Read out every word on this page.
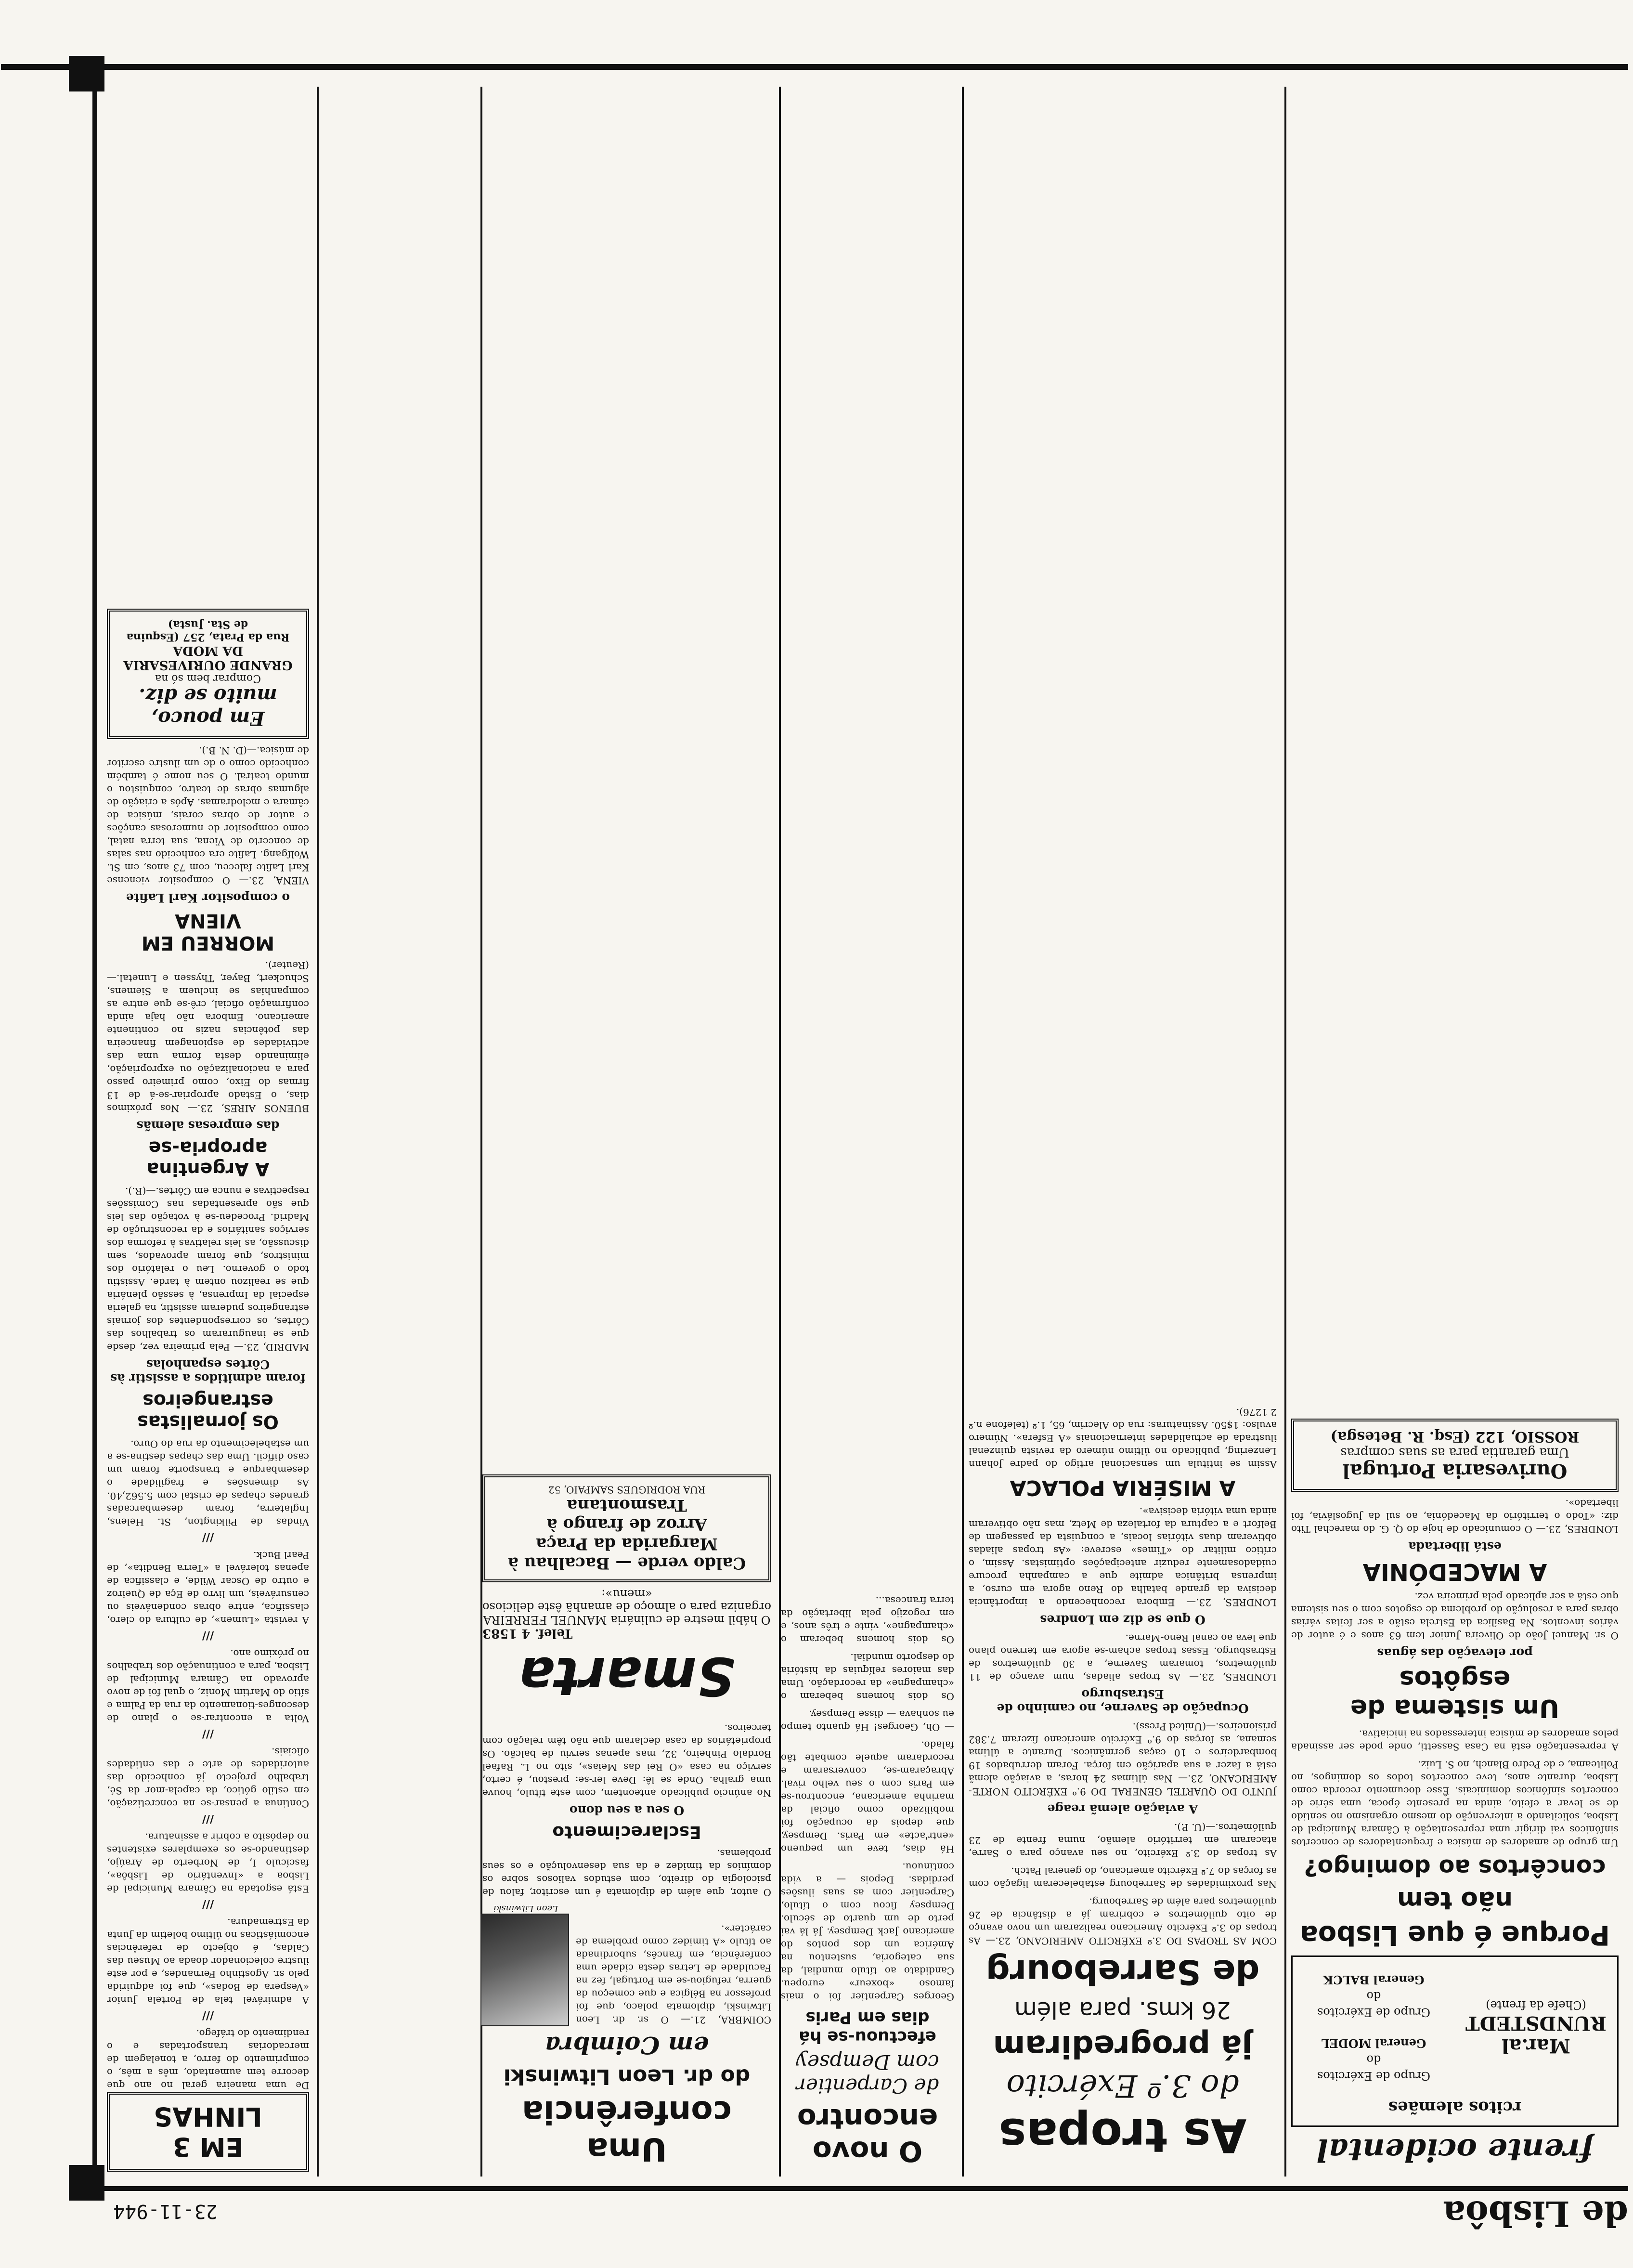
de Lisbôa
23-11-944
frente ocidental
rcitos alemães
Mar.al RUNDSTEDT
(Chefe da frente)
Grupo de Exércitos
do
General MODEL
Grupo de Exércitos
do
General BALCK
Porque é que Lisboa
não tem
concêrtos ao domingo?

Um grupo de amadores de música e frequentadores de concertos sinfónicos vai dirigir uma representação à Câmara Municipal de Lisboa, solicitando a intervenção do mesmo organismo no sentido de se levar a efeito, ainda na presente época, uma série de concertos sinfónicos dominicais. Êsse documento recorda como Lisboa, durante anos, teve concertos todos os domingos, no Politeama, e de Pedro Blanch, no S. Luiz.

A representação está na Casa Sassetti, onde pode ser assinada pelos amadores de música interessados na iniciativa.

Um sistema de esgôtos
por elevação das águas

O sr. Manuel João de Oliveira Junior tem 63 anos e é autor de vários inventos. Na Basílica da Estrela estão a ser feitas várias obras para a resolução do problema de esgotos com o seu sistema que está a ser aplicado pela primeira vez.

A MACEDÓNIA
está libertada

LONDRES, 23.— O comunicado de hoje do Q. G. do marechal Tito diz: «Todo o território da Macedónia, ao sul da Jugoslávia, foi libertado».

Ourivesaria Portugal
Uma garantia para as suas compras
ROSSIO, 122 (Esq. R. Betesga)
As tropas
do 3.º Exército
já progrediram
26 kms. para além
de Sarrebourg

COM AS TROPAS DO 3.º EXÉRCITO AMERICANO, 23.— As tropas do 3.º Exército Americano realizaram um novo avanço de oito quilómetros e cobriram já a distância de 26 quilómetros para além de Sarrebourg.

Nas proximidades de Sarrebourg estabeleceram ligação com as forças do 7.º Exército americano, do general Patch.

As tropas do 3.º Exército, no seu avanço para o Sarre, atacaram em território alemão, numa frente de 23 quilómetros.—(U. P.).

A aviação alemã reage

JUNTO DO QUARTEL GENERAL DO 9.º EXÉRCITO NORTE-AMERICANO, 23.— Nas últimas 24 horas, a aviação alemã está a fazer a sua aparição em força. Foram derrubados 19 bombardeiros e 10 caças germânicos. Durante a última semana, as forças do 9.º Exército americano fizeram 7.382 prisioneiros.—(United Press).

Ocupação de Saverne, no caminho de Estrasburgo

LONDRES, 23.— As tropas aliadas, num avanço de 11 quilómetros, tomaram Saverne, a 30 quilómetros de Estrasburgo. Essas tropas acham-se agora em terreno plano que leva ao canal Reno-Marne.

O que se diz em Londres

LONDRES, 23.— Embora reconhecendo a importância decisiva da grande batalha do Reno agora em curso, a imprensa britânica admite que a campanha procure cuidadosamente reduzir antecipações optimistas. Assim, o crítico militar do «Times» escreve: «As tropas aliadas obtiveram duas vitórias locais, a conquista da passagem de Belfort e a captura da fortaleza de Metz, mas não obtiveram ainda uma vitória decisiva».

A MISÉRIA POLACA

Assim se intitula um sensacional artigo do padre Johann Lenzering, publicado no último número da revista quinzenal ilustrada de actualidades internacionais «A Esfera». Número avulso: 1$50. Assinaturas: rua do Alecrim, 65, 1.º (telefone n.º 2 1276).

O novo encontro
de Carpentier
com Dempsey
efectuou-se há dias em Paris

Georges Carpentier foi o mais famoso «boxeur» europeu. Candidato ao título mundial, da sua categoria, sustentou na América um dos pontos do americano Jack Dempsey. Já lá vai perto de um quarto de século. Dempsey ficou com o título, Carpentier com as suas ilusões perdidas. Depois — a vida continuou.

Há dias, teve um pequeno «entr'acte» em Paris. Dempsey, que depois da ocupação foi mobilizado como oficial da marinha americana, encontrou-se em Paris com o seu velho rival. Abraçaram-se, conversaram e recordaram aquele combate tão falado.

— Oh, Georges! Há quanto tempo eu sonhava — disse Dempsey.

Os dois homens beberam o «champagne» da recordação. Uma das maiores relíquias da história do desporto mundial.

Os dois homens beberam o «champagne», vinte e três anos, e em regozijo pela libertação da terra francesa...

Uma conferência
do dr. Leon Litwinski
em Coimbra

COIMBRA, 21.— O sr. dr. Leon Litwinski, diplomata polaco, que foi professor na Bélgica e que começou da guerra, refugiou-se em Portugal, fez na Faculdade de Letras desta cidade uma conferência, em francês, subordinada ao título «A timidez como problema de carácter».

Leon Litwinski

O autor, que além de diplomata é um escritor, falou de psicologia do direito, com estudos valiosos sobre os domínios da timidez e da sua desenvolução e os seus problemas.

Esclarecimento
O seu a seu dono

No anúncio publicado anteontem, com este título, houve uma gralha. Onde se lê: Deve ler-se: prestou, é certo, serviço na casa «O Rei das Meias», sito no L. Rafael Bordalo Pinheiro, 32, mas apenas serviu de balcão. Os proprietários da casa declaram que não têm relação com terceiros.

Smarta
Telef. 4 1583

O hábil mestre de culinária MANUEL FERREIRA organiza para o almoço de amanhã êste delicioso «menu»:

Caldo verde — Bacalhau à Margarida da Praça
Arroz de frango à Trasmontana
RUA RODRIGUES SAMPAIO, 52
EM 3 LINHAS

De uma maneira geral no ano que decorre tem aumentado, mês a mês, o comprimento do ferro, a tonelagem de mercadorias transportadas e o rendimento do tráfego.

///

A admirável tela de Portela Junior «Vespera de Bodas», que foi adquirida pelo sr. Agostinho Fernandes, e por este ilustre colecionador doada ao Museu das Caldas, é objecto de referências encomiásticas no último boletim da Junta da Estremadura.

///

Está esgotada na Câmara Municipal de Lisboa a «Inventário de Lisbôa», fascículo I, de Norberto de Araújo, destinando-se os exemplares existentes no depósito a cobrir a assinatura.

///

Continua a pensar-se na concretização, em estilo gótico, da capela-mor da Sé, trabalho projecto já conhecido das autoridades de arte e das entidades oficiais.

///

Volta a encontrar-se o plano de desconges-tionamento da rua da Palma e sítio do Martim Moniz, o qual foi de novo aprovado na Câmara Municipal de Lisboa, para a continuação dos trabalhos no próximo ano.

///

A revista «Lumen», de cultura do clero, classifica, entre obras condenáveis ou censuráveis, um livro de Eça de Queiroz e outro de Oscar Wilde, e classifica de apenas tolerável a «Terra Bendita», de Pearl Buck.

///

Vindas de Pilkington, St. Helens, Inglaterra, foram desembarcadas grandes chapas de cristal com 5.562,40. As dimensões e fragilidade o desembarque e transporte foram um caso difícil. Uma das chapas destina-se a um estabelecimento da rua do Ouro.

Os jornalistas estrangeiros
foram admitidos a assistir às Côrtes espanholas

MADRID, 23.— Pela primeira vez, desde que se inauguraram os trabalhos das Côrtes, os correspondentes dos jornais estrangeiros puderam assistir, na galeria especial da Imprensa, à sessão plenária que se realizou ontem à tarde. Assistiu todo o governo. Leu o relatório dos ministros, que foram aprovados, sem discussão, as leis relativas à reforma dos serviços sanitários e da reconstrução de Madrid. Procedeu-se à votação das leis que são apresentadas nas Comissões respectivas e nunca em Côrtes.—(R.).

A Argentina apropria-se
das empresas alemãs

BUENOS AIRES, 23.— Nos próximos dias, o Estado apropriar-se-á de 13 firmas do Eixo, como primeiro passo para a nacionalização ou expropriação, eliminando desta forma uma das actividades de espionagem financeira das potências nazis no continente americano. Embora não haja ainda confirmação oficial, crê-se que entre as companhias se incluem a Siemens, Schuckert, Bayer, Thyssen e Lunetal.—(Reuter).

MORREU EM VIENA
o compositor Karl Lafite

VIENA, 23.— O compositor vienense Karl Lafite faleceu, com 73 anos, em St. Wolfgang. Lafite era conhecido nas salas de concerto de Viena, sua terra natal, como compositor de numerosas canções e autor de obras corais, música de câmara e melodramas. Após a criação de algumas obras de teatro, conquistou o mundo teatral. O seu nome é também conhecido como o de um ilustre escritor de música.—(D. N. B.).

Em pouco, muito se diz.
Comprar bem só na
GRANDE OURIVESARIA DA MODA
Rua da Prata, 257 (Esquina de Sta. Justa)
